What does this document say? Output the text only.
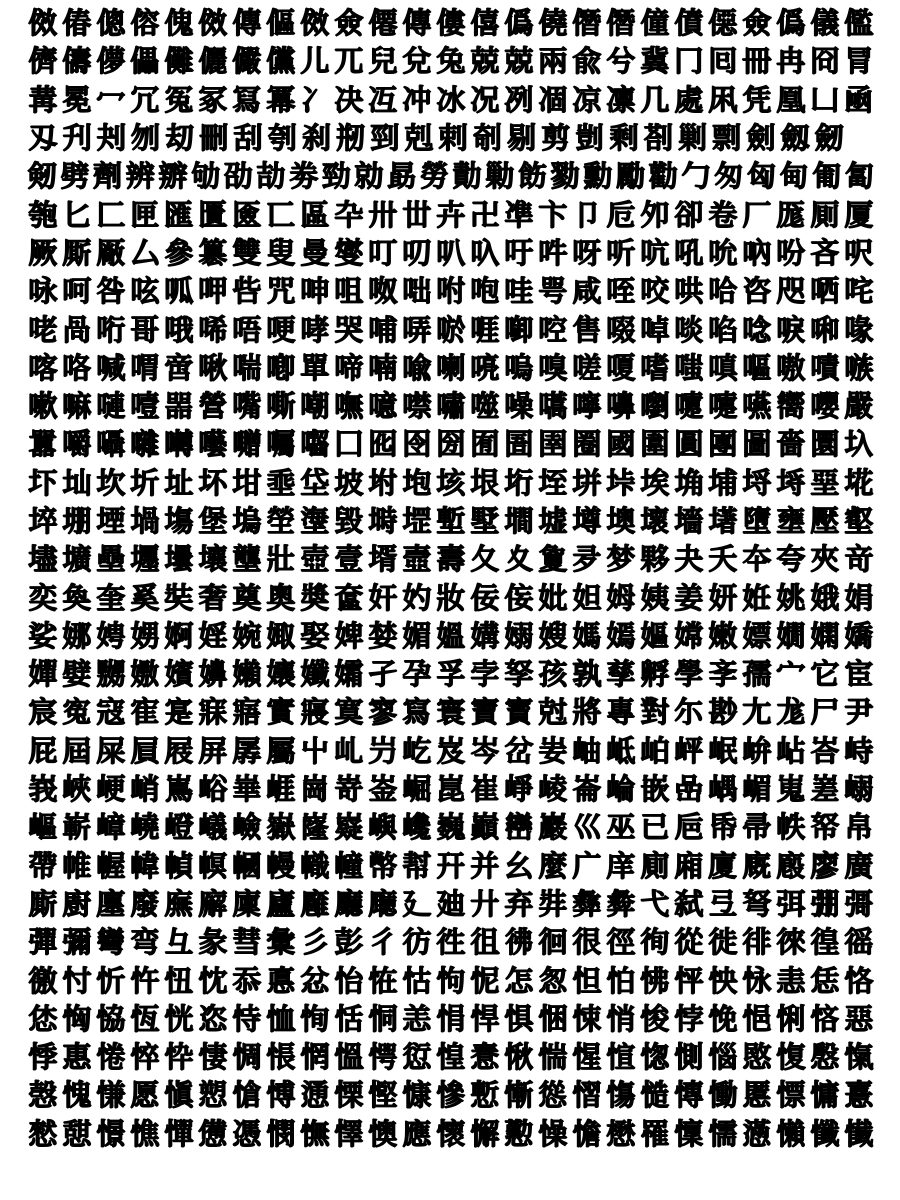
傚 偆 傯 傛 傀 傚 傳 傴 傚 僉 僊 傳 僂 僖 僞 僥 僭 僭 僮 僨 僫 僉 僞 儀 儖
儕 儔 儚 儡 儺 儷 儼 儻 儿 兀 兒 兌 兔 兢 兢 兩 兪 兮 冀 冂 囘 冊 冉 冏 冐
冓 冕 冖 冗 冤 冢 冩 冪 冫 决 冱 冲 冰 况 冽 凅 凉 凛 几 處 凩 凭 凰 凵 凾
刄 刋 刔 刎 刧 刪 刮 刳 刹 剏 剄 剋 剌 剞 剔 剪 剴 剩 剳 剿 剽 劍 劔 劒
剱 劈 劑 辨 辧 劬 劭 劼 劵 勁 勍 勗 勞 勣 勦 飭 勠 勳 勵 勸 勹 匆 匈 甸 匍 匐
匏 匕 匚 匣 匯 匱 匳 匸 區 卆 卅 丗 卉 卍 凖 卞 卩 卮 夘 卻 卷 厂 厖 厠 厦
厥 厮 厰 厶 參 簒 雙 叟 曼 燮 叮 叨 叭 叺 吁 吽 呀 听 吭 吼 吮 吶 吩 吝 呎
咏 呵 咎 呟 呱 呷 呰 咒 呻 咀 呶 咄 咐 咆 哇 咢 咸 咥 咬 哄 哈 咨 咫 哂 咤
咾 咼 哘 哥 哦 唏 唔 哽 哮 哭 哺 哢 唹 啀 啣 啌 售 啜 啅 啖 啗 唸 唳 啝 喙
喀 咯 喊 喟 啻 啾 喘 喞 單 啼 喃 喩 喇 喨 嗚 嗅 嗟 嗄 嗜 嗤 嗔 嘔 嗷 嘖 嗾
嗽 嘛 嗹 噎 噐 營 嘴 嘶 嘲 嘸 噫 噤 嘯 噬 噪 嚆 嚀 嚊 嚠 嚔 嚏 嚥 嚮 嚶 嚴
囂 嚼 囁 囃 囀 囈 囎 囑 囓 囗 囮 囹 圀 囿 圄 圉 圈 國 圍 圓 團 圖 嗇 圜 圦
圷 圸 坎 圻 址 坏 坩 埀 垈 坡 坿 垉 垓 垠 垳 垤 垪 垰 埃 埆 埔 埒 埓 堊 埖
埣 堋 堙 堝 塲 堡 塢 塋 塰 毀 塒 堽 塹 墅 墹 墟 墫 墺 壞 墻 墸 墮 壅 壓 壑
壗 壙 壘 壥 壜 壤 壟 壯 壺 壹 壻 壼 壽 夂 夊 夐 夛 梦 夥 夬 夭 夲 夸 夾 竒
奕 奐 奎 奚 奘 奢 奠 奧 奬 奩 奸 妁 妝 佞 侫 妣 妲 姆 姨 姜 妍 姙 姚 娥 娟
娑 娜 娉 娚 婀 婬 婉 娵 娶 婢 婪 媚 媼 媾 嫋 嫂 媽 嫣 嫗 嫦 嫩 嫖 嫺 嫻 嬌
嬋 嬖 嬲 嫐 嬪 嬶 嬾 孃 孅 孀 孑 孕 孚 孛 孥 孩 孰 孳 孵 學 斈 孺 宀 它 宦
宸 寃 寇 寉 寔 寐 寤 實 寢 寞 寥 寫 寰 寶 寳 尅 將 專 對 尓 尠 尢 尨 尸 尹
屁 屆 屎 屓 屐 屏 孱 屬 屮 乢 屶 屹 岌 岑 岔 妛 岫 岻 岶 岼 岷 峅 岾 峇 峙
峩 峽 峺 峭 嶌 峪 崋 崕 崗 嵜 崟 崛 崑 崔 崢 崚 崙 崘 嵌 嵒 嵎 嵋 嵬 嵳 嵶
嶇 嶄 嶂 嶢 嶝 嶬 嶮 嶽 嶐 嶷 嶼 巉 巍 巓 巒 巖 巛 巫 已 巵 帋 帚 帙 帑 帛
帶 帷 幄 幃 幀 幎 幗 幔 幟 幢 幤 幇 幵 并 幺 麼 广 庠 廁 廂 廈 廐 廏 廖 廣
廝 廚 廛 廢 廡 廨 廩 廬 廱 廳 廰 廴 廸 廾 弃 弉 彝 彜 弋 弑 弖 弩 弭 弸 彁
彈 彌 彎 弯 彑 彖 彗 彙 彡 彭 彳 彷 徃 徂 彿 徊 很 徑 徇 從 徙 徘 徠 徨 徭
徼 忖 忻 忤 忸 忱 忝 悳 忿 怡 恠 怙 怐 怩 怎 怱 怛 怕 怫 怦 怏 怺 恚 恁 恪
恷 恟 恊 恆 恍 恣 恃 恤 恂 恬 恫 恙 悁 悍 惧 悃 悚 悄 悛 悖 悗 悒 悧 悋 惡
悸 惠 惓 悴 忰 悽 惆 悵 惘 慍 愕 愆 惶 惷 愀 惴 惺 愃 愡 惻 惱 愍 愎 慇 愾
愨 愧 慊 愿 愼 愬 愴 愽 慂 慄 慳 慷 慘 慙 慚 慫 慴 慯 慥 慱 慟 慝 慓 慵 憙
憖 憇 憬 憔 憚 憊 憑 憫 憮 懌 懊 應 懷 懈 懃 懆 憺 懋 罹 懍 懦 懣 懶 懺 懴
